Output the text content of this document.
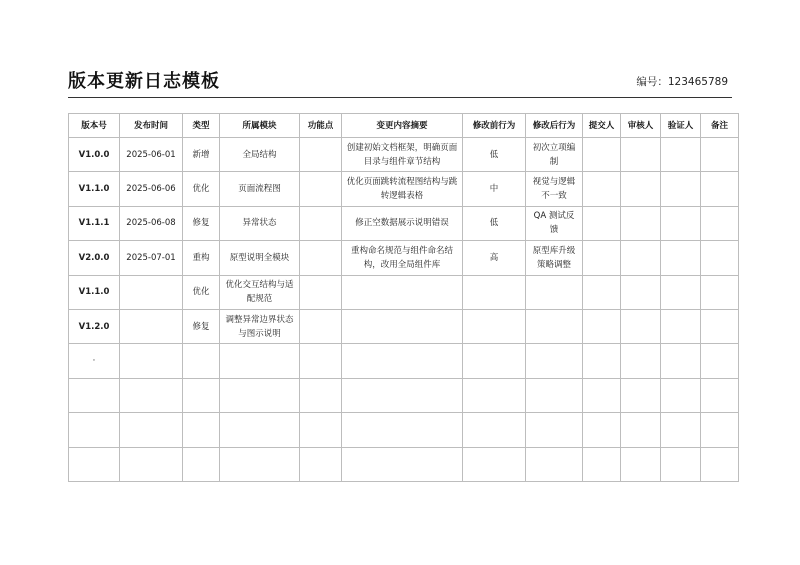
版本更新日志模板	编号：123465789
版本号	发布时间	类型	所属模块	功能点	变更内容摘要	修改前行为	修改后行为	提交人	审核人	验证人	备注
V1.0.0	2025-06-01	新增	全局结构		创建初始文档框架，明确页面目录与组件章节结构	低	初次立项编制				
V1.1.0	2025-06-06	优化	页面流程图		优化页面跳转流程图结构与跳转逻辑表格	中	视觉与逻辑不一致				
V1.1.1	2025-06-08	修复	异常状态		修正空数据展示说明错误	低	QA 测试反馈				
V2.0.0	2025-07-01	重构	原型说明全模块		重构命名规范与组件命名结构，改用全局组件库	高	原型库升级策略调整				
V1.1.0		优化	优化交互结构与适配规范								
V1.2.0		修复	调整异常边界状态与图示说明								
·											
